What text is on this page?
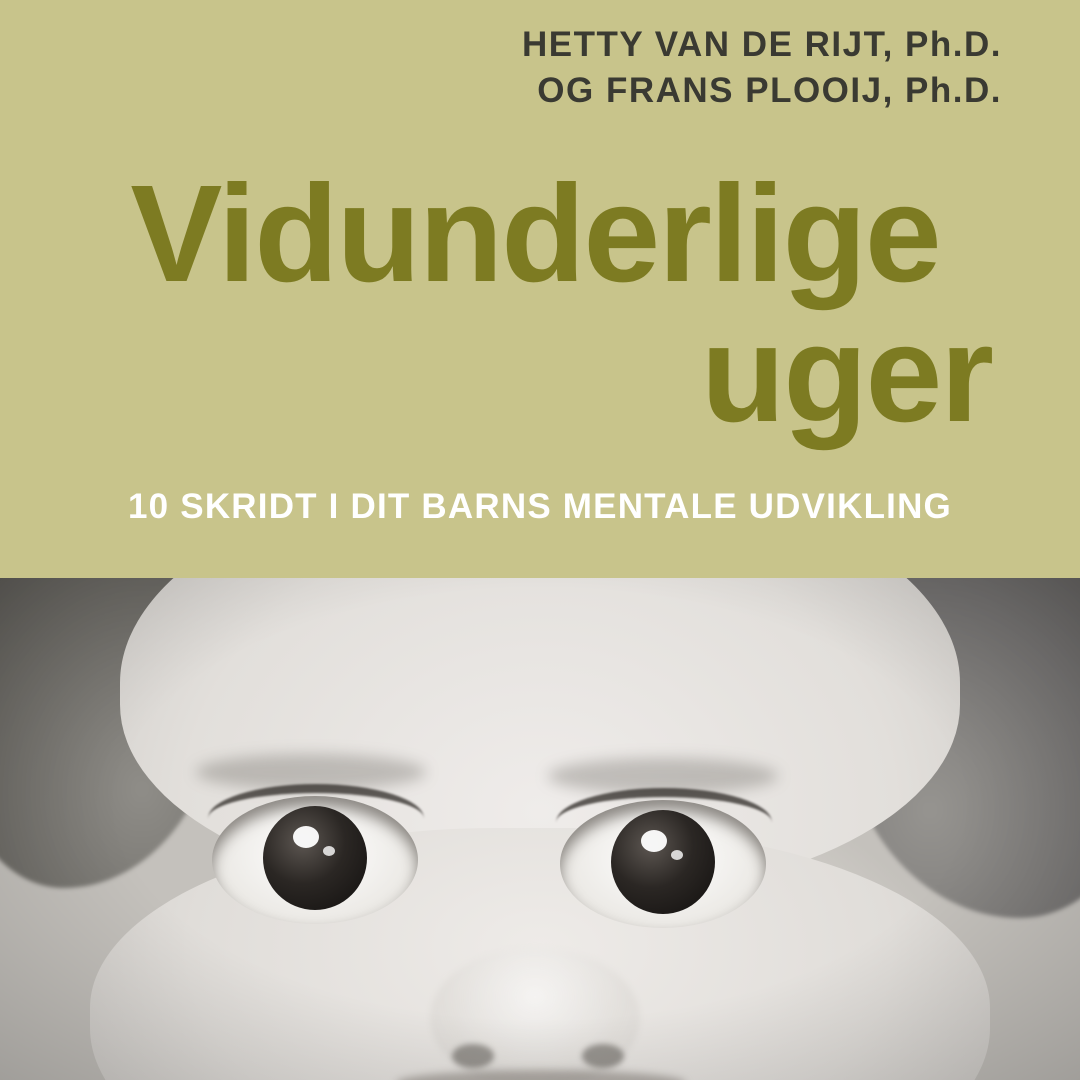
HETTY VAN DE RIJT, Ph.D.
OG FRANS PLOOIJ, Ph.D.
Vidunderlige
uger
10 SKRIDT I DIT BARNS MENTALE UDVIKLING
